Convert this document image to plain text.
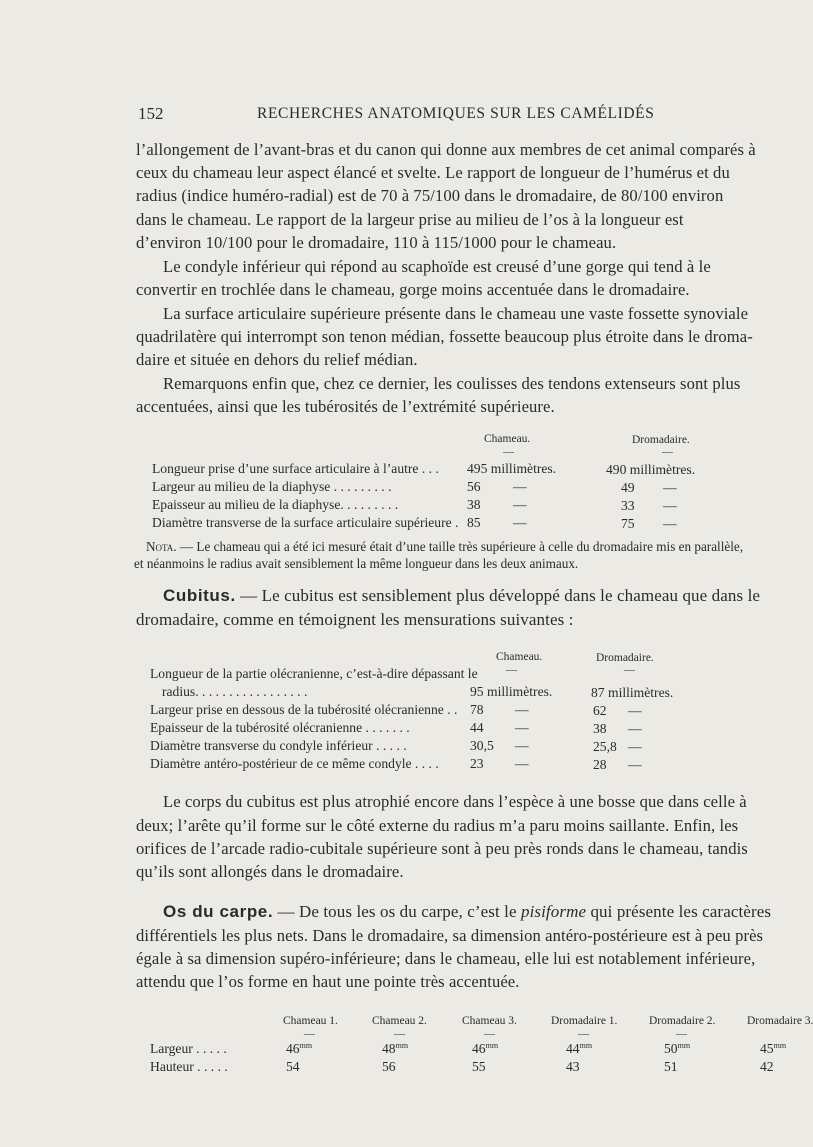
152	RECHERCHES ANATOMIQUES SUR LES CAMÉLIDÉS
l’allongement de l’avant-bras et du canon qui donne aux membres de cet animal comparés à
ceux du chameau leur aspect élancé et svelte. Le rapport de longueur de l’humérus et du
radius (indice huméro-radial) est de 70 à 75/100 dans le dromadaire, de 80/100 environ
dans le chameau. Le rapport de la largeur prise au milieu de l’os à la longueur est
d’environ 10/100 pour le dromadaire, 110 à 115/1000 pour le chameau.
Le condyle inférieur qui répond au scaphoïde est creusé d’une gorge qui tend à le
convertir en trochlée dans le chameau, gorge moins accentuée dans le dromadaire.
La surface articulaire supérieure présente dans le chameau une vaste fossette synoviale
quadrilatère qui interrompt son tenon médian, fossette beaucoup plus étroite dans le droma-
daire et située en dehors du relief médian.
Remarquons enfin que, chez ce dernier, les coulisses des tendons extenseurs sont plus
accentuées, ainsi que les tubérosités de l’extrémité supérieure.
Chameau.	Dromadaire.
—	—
Longueur prise d’une surface articulaire à l’autre . . . 495 millimètres.	490 millimètres.
Largeur au milieu de la diaphyse . . . . . . . . .	56 —	49 —
Epaisseur au milieu de la diaphyse. . . . . . . . .	38 —	33 —
Diamètre transverse de la surface articulaire supérieure . 85 —	75 —
Nota. — Le chameau qui a été ici mesuré était d’une taille très supérieure à celle du dromadaire mis en parallèle,
et néanmoins le radius avait sensiblement la même longueur dans les deux animaux.
Cubitus. — Le cubitus est sensiblement plus développé dans le chameau que dans le
dromadaire, comme en témoignent les mensurations suivantes :
Chameau.	Dromadaire.
—	—
Longueur de la partie olécranienne, c’est-à-dire dépassant le
radius. . . . . . . . . . . . . . . . .	95 millimètres.	87 millimètres.
Largeur prise en dessous de la tubérosité olécranienne . . 78 —	62 —
Epaisseur de la tubérosité olécranienne . . . . . . .	44 —	38 —
Diamètre transverse du condyle inférieur . . . . .	30,5 —	25,8 —
Diamètre antéro-postérieur de ce même condyle . . . . 23 —	28 —
Le corps du cubitus est plus atrophié encore dans l’espèce à une bosse que dans celle à
deux; l’arête qu’il forme sur le côté externe du radius m’a paru moins saillante. Enfin, les
orifices de l’arcade radio-cubitale supérieure sont à peu près ronds dans le chameau, tandis
qu’ils sont allongés dans le dromadaire.
Os du carpe. — De tous les os du carpe, c’est le pisiforme qui présente les caractères
différentiels les plus nets. Dans le dromadaire, sa dimension antéro-postérieure est à peu près
égale à sa dimension supéro-inférieure; dans le chameau, elle lui est notablement inférieure,
attendu que l’os forme en haut une pointe très accentuée.
Chameau 1.	Chameau 2.	Chameau 3.	Dromadaire 1.	Dromadaire 2.	Dromadaire 3.
—	—	—	—	—
Largeur . . . . .	$46^{mm}$	$48^{mm}$	$46^{mm}$	$44^{mm}$	$50^{mm}$	$45^{mm}$
Hauteur . . . . .	54	56	55	43	51	42
